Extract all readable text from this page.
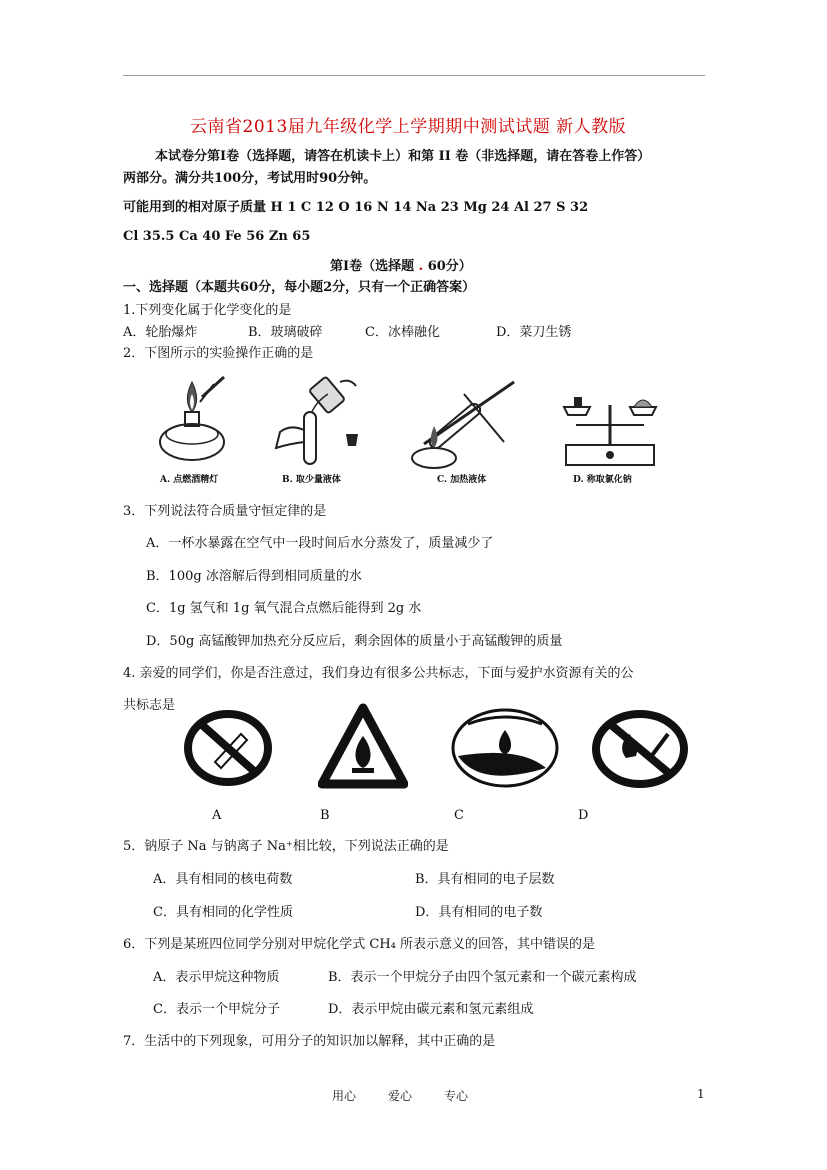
云南省2013届九年级化学上学期期中测试试题 新人教版
本试卷分第Ⅰ卷（选择题，请答在机读卡上）和第 II 卷（非选择题，请在答卷上作答）
两部分。满分共100分，考试用时90分钟。
可能用到的相对原子质量 H 1 C 12 O 16 N 14 Na 23 Mg 24 Al 27 S 32
Cl 35.5 Ca 40 Fe 56 Zn 65
第Ⅰ卷（选择题 . 60分）
一、选择题（本题共60分，每小题2分，只有一个正确答案）
1.下列变化属于化学变化的是
A．轮胎爆炸	B．玻璃破碎	C．冰棒融化	D．菜刀生锈
2．下图所示的实验操作正确的是
A. 点燃酒精灯	B. 取少量液体	C. 加热液体	D. 称取氯化钠
3．下列说法符合质量守恒定律的是
A．一杯水暴露在空气中一段时间后水分蒸发了，质量减少了
B．100g 冰溶解后得到相同质量的水
C．1g 氢气和 1g 氧气混合点燃后能得到 2g 水
D．50g 高锰酸钾加热充分反应后，剩余固体的质量小于高锰酸钾的质量
4. 亲爱的同学们，你是否注意过，我们身边有很多公共标志，下面与爱护水资源有关的公
共标志是
A	B	C	D
5．钠原子 Na 与钠离子 Na⁺相比较，下列说法正确的是
A．具有相同的核电荷数	B．具有相同的电子层数
C．具有相同的化学性质	D．具有相同的电子数
6．下列是某班四位同学分别对甲烷化学式 CH₄ 所表示意义的回答，其中错误的是
A．表示甲烷这种物质	B．表示一个甲烷分子由四个氢元素和一个碳元素构成
C．表示一个甲烷分子	D．表示甲烷由碳元素和氢元素组成
7．生活中的下列现象，可用分子的知识加以解释，其中正确的是
用心	爱心	专心	1
